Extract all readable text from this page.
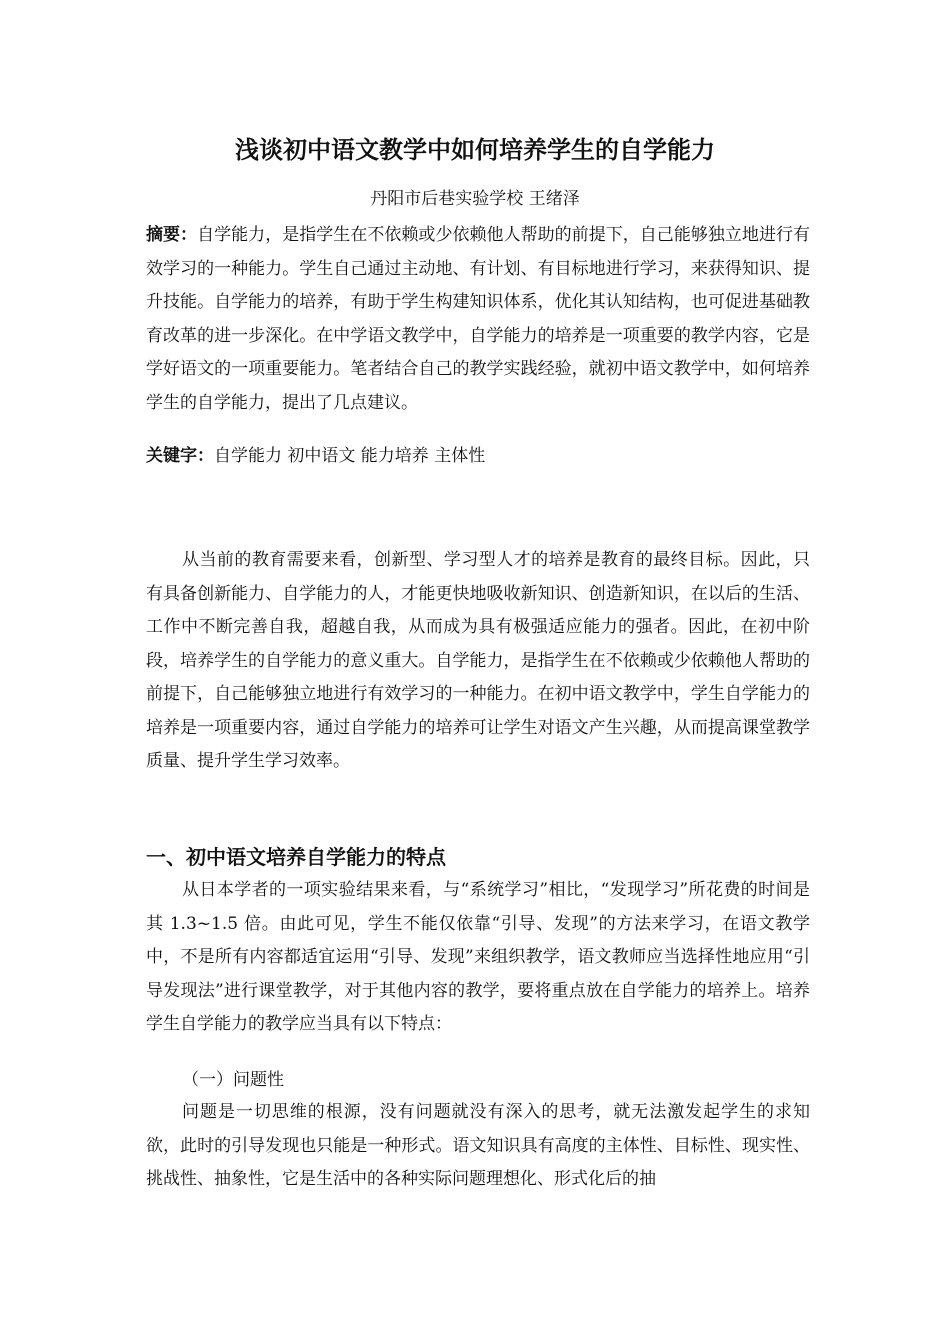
浅谈初中语文教学中如何培养学生的自学能力
丹阳市后巷实验学校 王绪泽
摘要：自学能力，是指学生在不依赖或少依赖他人帮助的前提下，自己能够独立地进行有效学习的一种能力。学生自己通过主动地、有计划、有目标地进行学习，来获得知识、提升技能。自学能力的培养，有助于学生构建知识体系，优化其认知结构，也可促进基础教育改革的进一步深化。在中学语文教学中，自学能力的培养是一项重要的教学内容，它是学好语文的一项重要能力。笔者结合自己的教学实践经验，就初中语文教学中，如何培养学生的自学能力，提出了几点建议。
关键字：自学能力 初中语文 能力培养 主体性
从当前的教育需要来看，创新型、学习型人才的培养是教育的最终目标。因此，只有具备创新能力、自学能力的人，才能更快地吸收新知识、创造新知识，在以后的生活、工作中不断完善自我，超越自我，从而成为具有极强适应能力的强者。因此，在初中阶段，培养学生的自学能力的意义重大。自学能力，是指学生在不依赖或少依赖他人帮助的前提下，自己能够独立地进行有效学习的一种能力。在初中语文教学中，学生自学能力的培养是一项重要内容，通过自学能力的培养可让学生对语文产生兴趣，从而提高课堂教学质量、提升学生学习效率。
一、初中语文培养自学能力的特点
从日本学者的一项实验结果来看，与“系统学习”相比，“发现学习”所花费的时间是其 1.3~1.5 倍。由此可见，学生不能仅依靠“引导、发现”的方法来学习，在语文教学中，不是所有内容都适宜运用“引导、发现”来组织教学，语文教师应当选择性地应用“引导发现法”进行课堂教学，对于其他内容的教学，要将重点放在自学能力的培养上。培养学生自学能力的教学应当具有以下特点：
（一）问题性
问题是一切思维的根源，没有问题就没有深入的思考，就无法激发起学生的求知欲，此时的引导发现也只能是一种形式。语文知识具有高度的主体性、目标性、现实性、挑战性、抽象性，它是生活中的各种实际问题理想化、形式化后的抽
